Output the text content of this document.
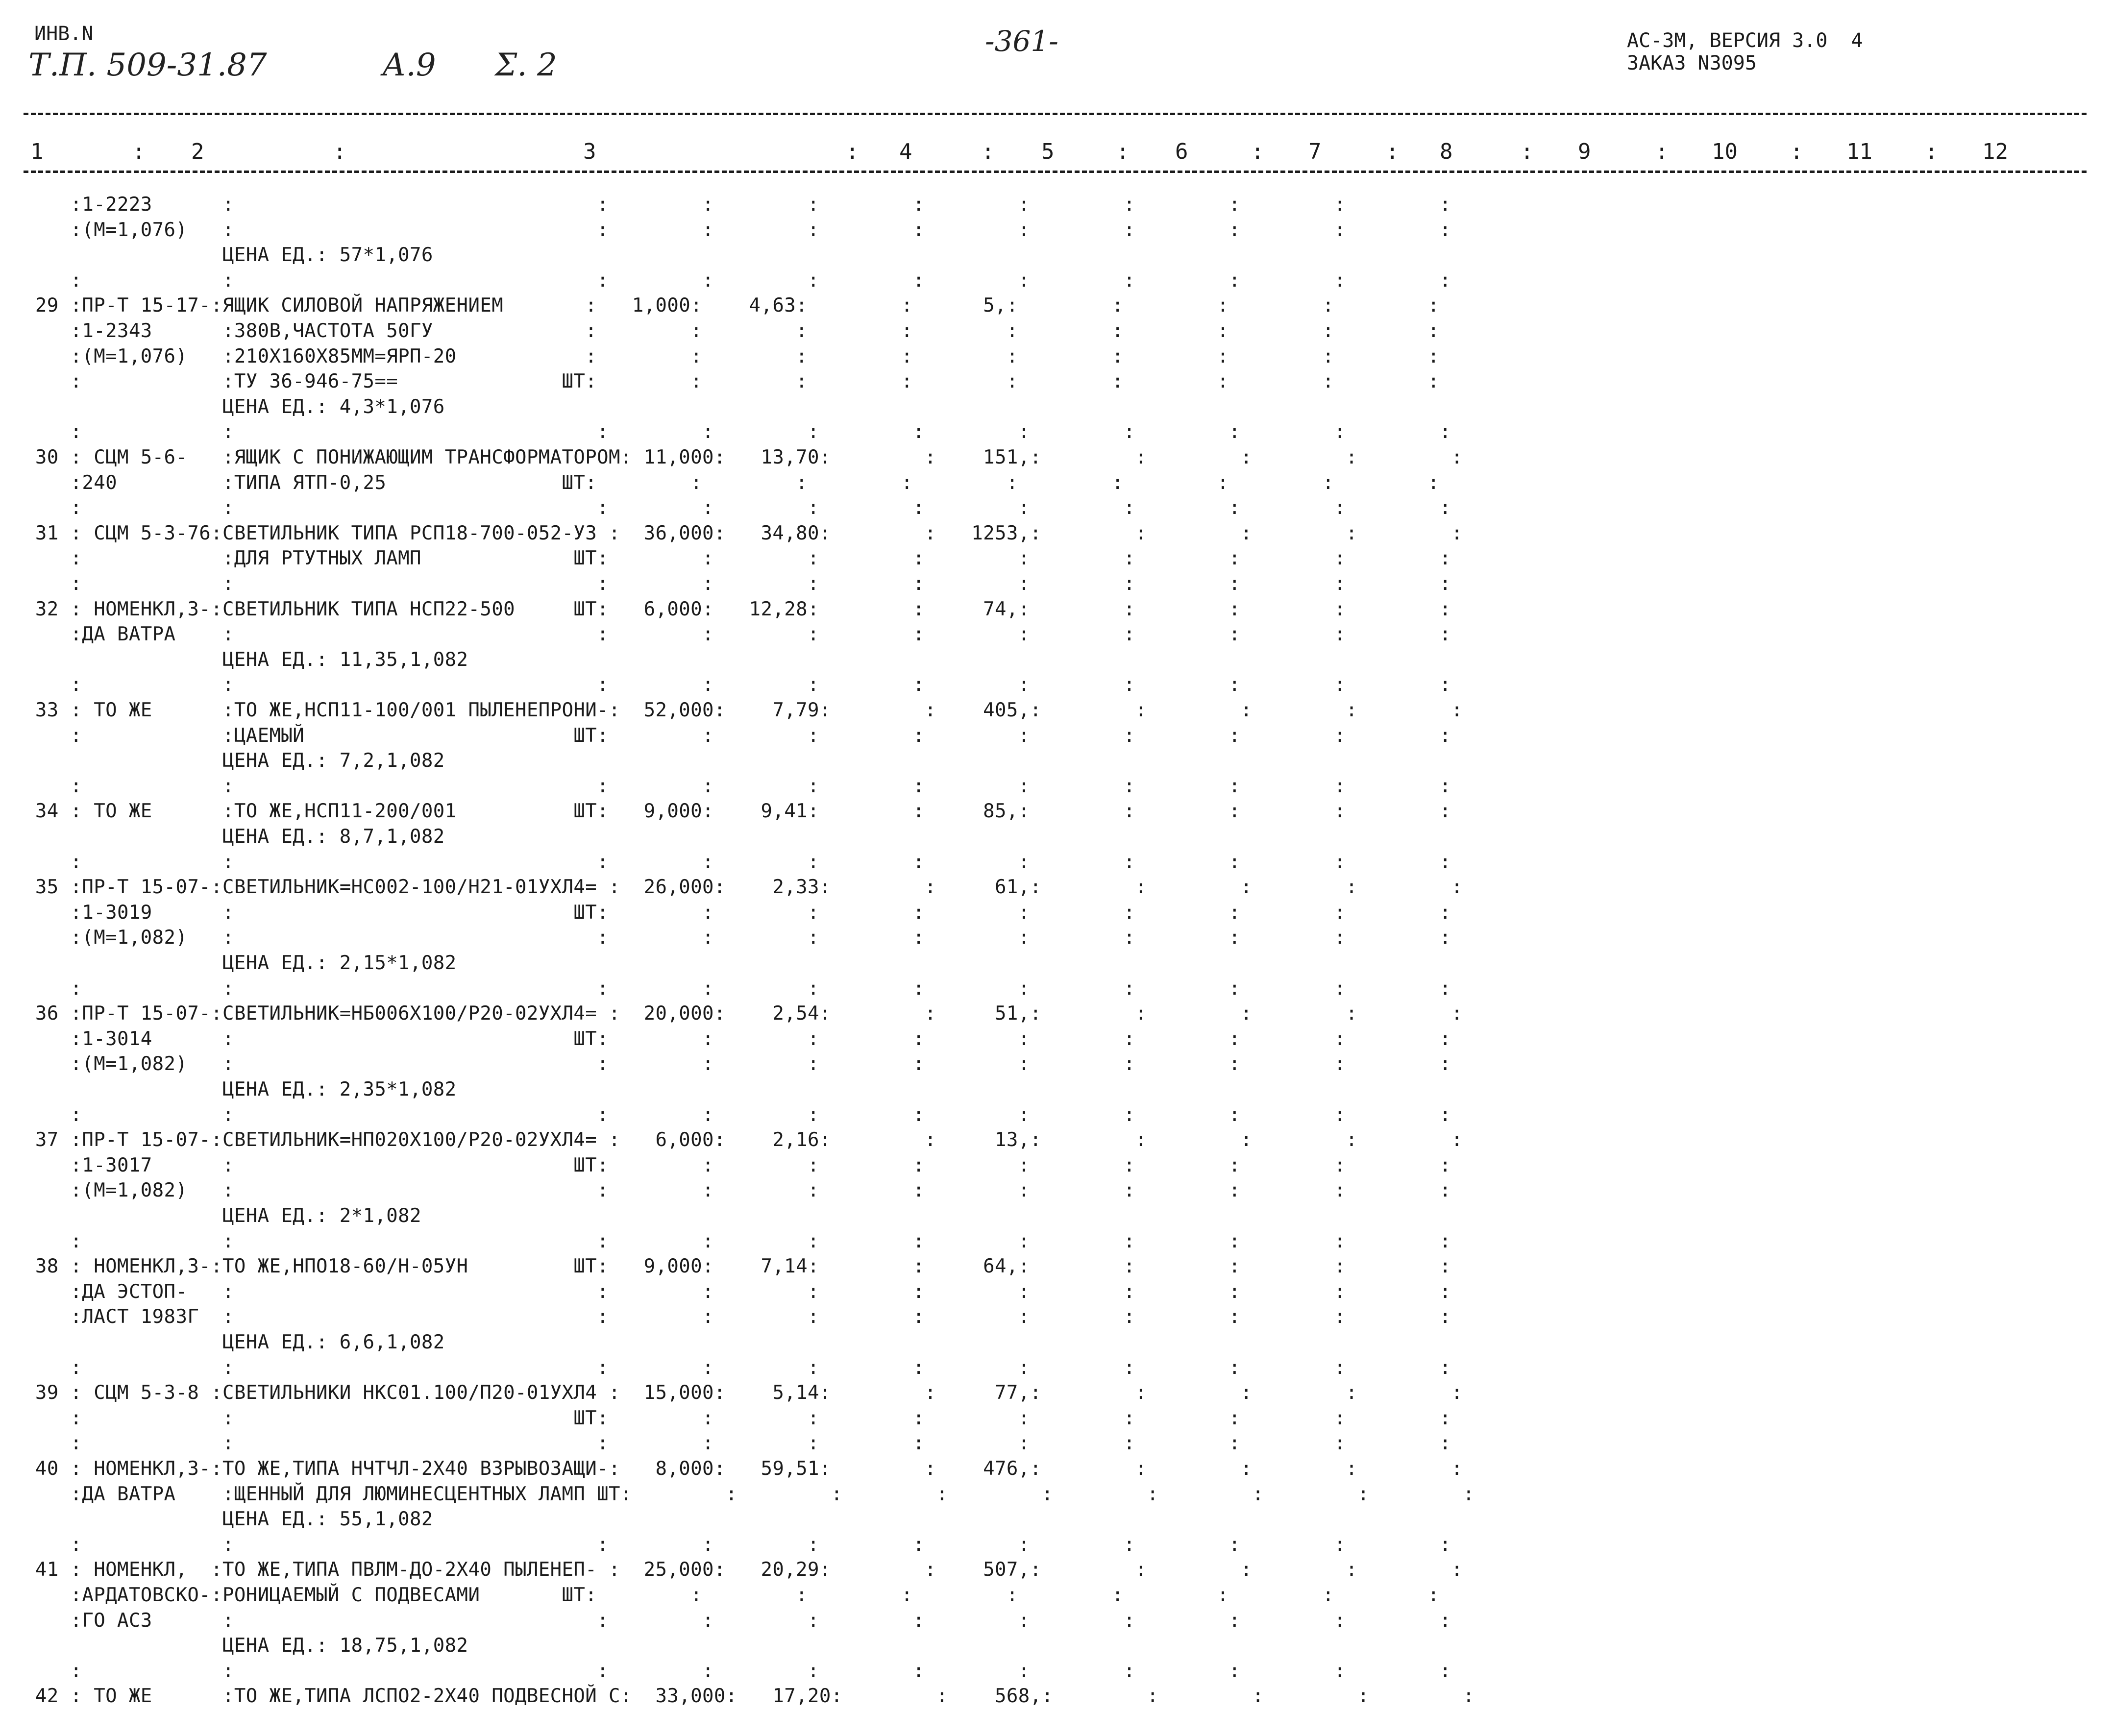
ИНВ.N
Т.П. 509-31.87	А.9 Σ. 2
-361-	АС-3М, ВЕРСИЯ 3.0  4
ЗАКАЗ N3095
1	2	3	4	5	6	7	8	9	10	11	12
:	:	:	:	:	:	:	:	:	:	:
:1-2223      :                               :        :        :        :        :        :        :        :        :
:(М=1,076)   :                               :        :        :        :        :        :        :        :        :
ЦЕНА ЕД.: 57*1,076
:            :                               :        :        :        :        :        :        :        :        :
29 :ПР-Т 15-17-:ЯЩИК СИЛОВОЙ НАПРЯЖЕНИЕМ       :   1,000:    4,63:        :      5,:        :        :        :        :
:1-2343      :380В,ЧАСТОТА 50ГУ             :        :        :        :        :        :        :        :        :
:(М=1,076)   :210Х160Х85ММ=ЯРП-20           :        :        :        :        :        :        :        :        :
:            :ТУ 36-946-75==              ШТ:        :        :        :        :        :        :        :        :
ЦЕНА ЕД.: 4,3*1,076
:            :                               :        :        :        :        :        :        :        :        :
30 : СЦМ 5-6-   :ЯЩИК С ПОНИЖАЮЩИМ ТРАНСФОРМАТОРОМ: 11,000:   13,70:        :    151,:        :        :        :        :
:240         :ТИПА ЯТП-0,25               ШТ:        :        :        :        :        :        :        :        :
:            :                               :        :        :        :        :        :        :        :        :
31 : СЦМ 5-3-76:СВЕТИЛЬНИК ТИПА РСП18-700-052-У3 :  36,000:   34,80:        :   1253,:        :        :        :        :
:            :ДЛЯ РТУТНЫХ ЛАМП             ШТ:        :        :        :        :        :        :        :        :
:            :                               :        :        :        :        :        :        :        :        :
32 : НОМЕНКЛ,3-:СВЕТИЛЬНИК ТИПА НСП22-500     ШТ:   6,000:   12,28:        :     74,:        :        :        :        :
:ДА ВАТРА    :                               :        :        :        :        :        :        :        :        :
ЦЕНА ЕД.: 11,35,1,082
:            :                               :        :        :        :        :        :        :        :        :
33 : ТО ЖЕ      :ТО ЖЕ,НСП11-100/001 ПЫЛЕНЕПРОНИ-:  52,000:    7,79:        :    405,:        :        :        :        :
:            :ЦАЕМЫЙ                       ШТ:        :        :        :        :        :        :        :        :
ЦЕНА ЕД.: 7,2,1,082
:            :                               :        :        :        :        :        :        :        :        :
34 : ТО ЖЕ      :ТО ЖЕ,НСП11-200/001          ШТ:   9,000:    9,41:        :     85,:        :        :        :        :
ЦЕНА ЕД.: 8,7,1,082
:            :                               :        :        :        :        :        :        :        :        :
35 :ПР-Т 15-07-:СВЕТИЛЬНИК=НС002-100/Н21-01УХЛ4= :  26,000:    2,33:        :     61,:        :        :        :        :
:1-3019      :                             ШТ:        :        :        :        :        :        :        :        :
:(М=1,082)   :                               :        :        :        :        :        :        :        :        :
ЦЕНА ЕД.: 2,15*1,082
:            :                               :        :        :        :        :        :        :        :        :
36 :ПР-Т 15-07-:СВЕТИЛЬНИК=НБ006Х100/Р20-02УХЛ4= :  20,000:    2,54:        :     51,:        :        :        :        :
:1-3014      :                             ШТ:        :        :        :        :        :        :        :        :
:(М=1,082)   :                               :        :        :        :        :        :        :        :        :
ЦЕНА ЕД.: 2,35*1,082
:            :                               :        :        :        :        :        :        :        :        :
37 :ПР-Т 15-07-:СВЕТИЛЬНИК=НП020Х100/Р20-02УХЛ4= :   6,000:    2,16:        :     13,:        :        :        :        :
:1-3017      :                             ШТ:        :        :        :        :        :        :        :        :
:(М=1,082)   :                               :        :        :        :        :        :        :        :        :
ЦЕНА ЕД.: 2*1,082
:            :                               :        :        :        :        :        :        :        :        :
38 : НОМЕНКЛ,3-:ТО ЖЕ,НПО18-60/Н-05УН         ШТ:   9,000:    7,14:        :     64,:        :        :        :        :
:ДА ЭСТОП-   :                               :        :        :        :        :        :        :        :        :
:ЛАСТ 1983Г  :                               :        :        :        :        :        :        :        :        :
ЦЕНА ЕД.: 6,6,1,082
:            :                               :        :        :        :        :        :        :        :        :
39 : СЦМ 5-3-8 :СВЕТИЛЬНИКИ НКС01.100/П20-01УХЛ4 :  15,000:    5,14:        :     77,:        :        :        :        :
:            :                             ШТ:        :        :        :        :        :        :        :        :
:            :                               :        :        :        :        :        :        :        :        :
40 : НОМЕНКЛ,3-:ТО ЖЕ,ТИПА НЧТЧЛ-2Х40 ВЗРЫВОЗАЩИ-:   8,000:   59,51:        :    476,:        :        :        :        :
:ДА ВАТРА    :ЩЕННЫЙ ДЛЯ ЛЮМИНЕСЦЕНТНЫХ ЛАМП ШТ:        :        :        :        :        :        :        :        :
ЦЕНА ЕД.: 55,1,082
:            :                               :        :        :        :        :        :        :        :        :
41 : НОМЕНКЛ,  :ТО ЖЕ,ТИПА ПВЛМ-ДО-2Х40 ПЫЛЕНЕП- :  25,000:   20,29:        :    507,:        :        :        :        :
:АРДАТОВСКО-:РОНИЦАЕМЫЙ С ПОДВЕСАМИ       ШТ:        :        :        :        :        :        :        :        :
:ГО АСЗ      :                               :        :        :        :        :        :        :        :        :
ЦЕНА ЕД.: 18,75,1,082
:            :                               :        :        :        :        :        :        :        :        :
42 : ТО ЖЕ      :ТО ЖЕ,ТИПА ЛСПО2-2Х40 ПОДВЕСНОЙ С:  33,000:   17,20:        :    568,:        :        :        :        :
